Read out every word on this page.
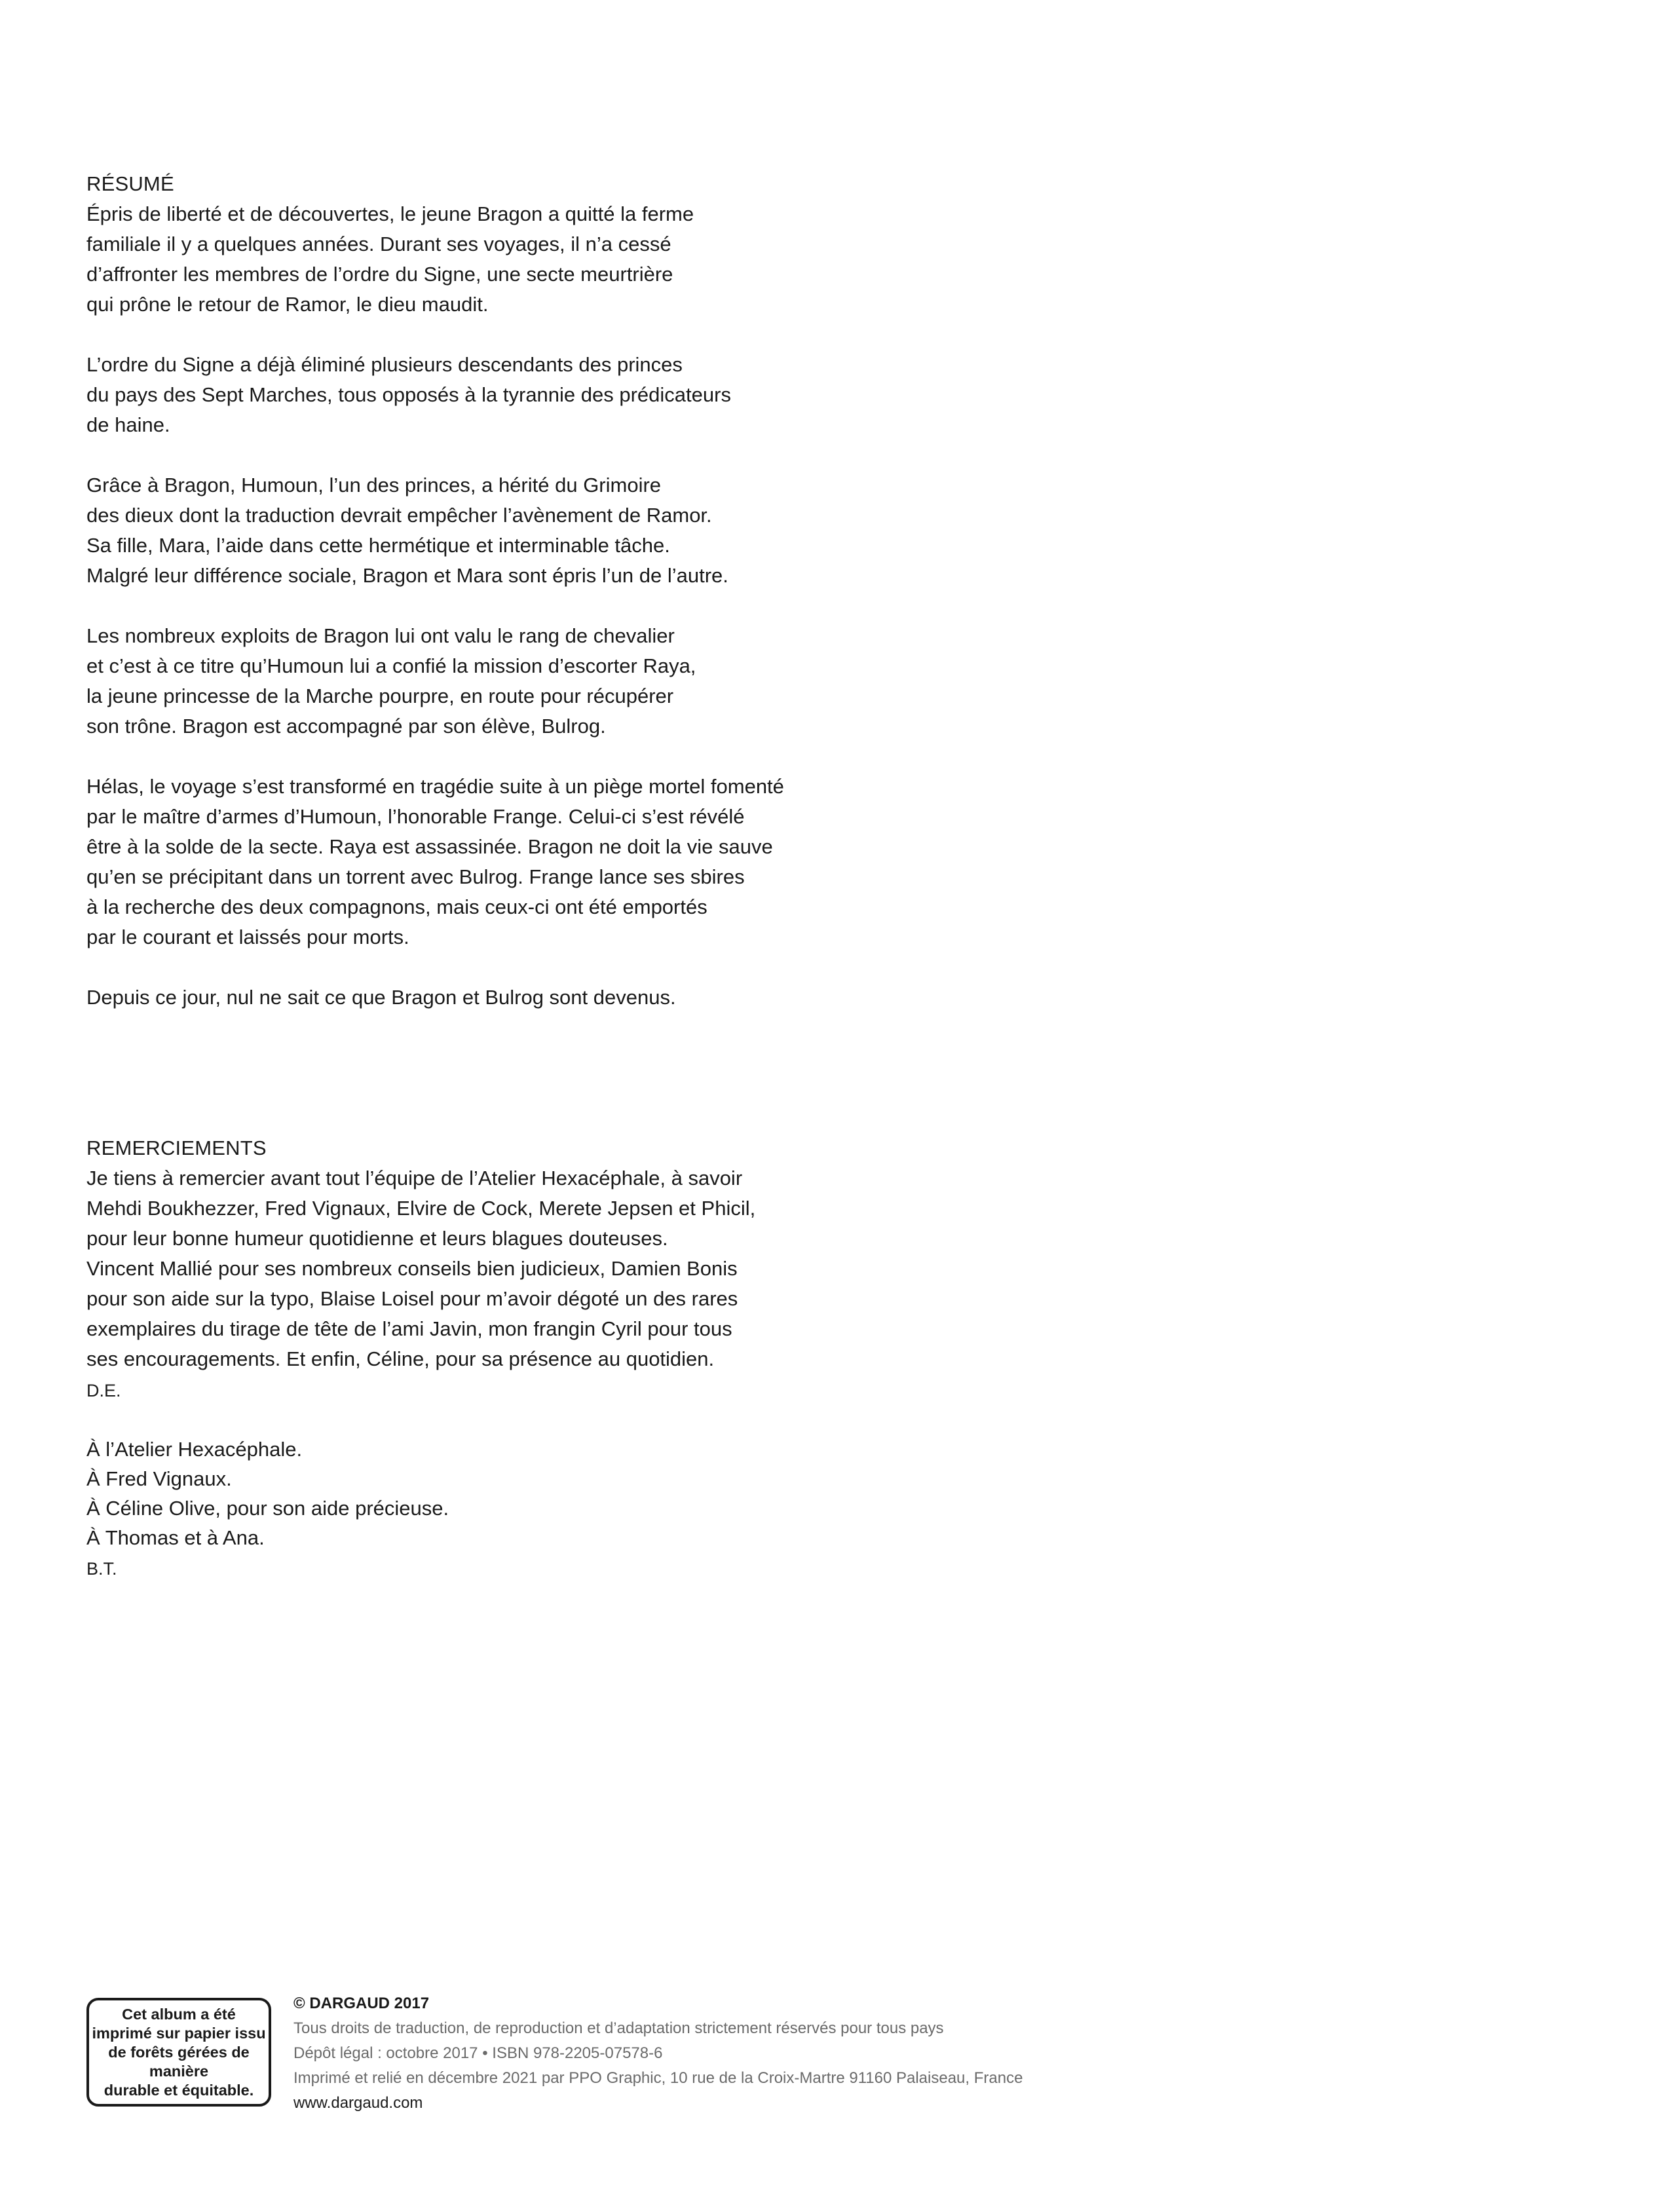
RÉSUMÉ
Épris de liberté et de découvertes, le jeune Bragon a quitté la ferme
familiale il y a quelques années. Durant ses voyages, il n’a cessé
d’affronter les membres de l’ordre du Signe, une secte meurtrière
qui prône le retour de Ramor, le dieu maudit.
L’ordre du Signe a déjà éliminé plusieurs descendants des princes
du pays des Sept Marches, tous opposés à la tyrannie des prédicateurs
de haine.
Grâce à Bragon, Humoun, l’un des princes, a hérité du Grimoire
des dieux dont la traduction devrait empêcher l’avènement de Ramor.
Sa fille, Mara, l’aide dans cette hermétique et interminable tâche.
Malgré leur différence sociale, Bragon et Mara sont épris l’un de l’autre.
Les nombreux exploits de Bragon lui ont valu le rang de chevalier
et c’est à ce titre qu’Humoun lui a confié la mission d’escorter Raya,
la jeune princesse de la Marche pourpre, en route pour récupérer
son trône. Bragon est accompagné par son élève, Bulrog.
Hélas, le voyage s’est transformé en tragédie suite à un piège mortel fomenté
par le maître d’armes d’Humoun, l’honorable Frange. Celui-ci s’est révélé
être à la solde de la secte. Raya est assassinée. Bragon ne doit la vie sauve
qu’en se précipitant dans un torrent avec Bulrog. Frange lance ses sbires
à la recherche des deux compagnons, mais ceux-ci ont été emportés
par le courant et laissés pour morts.
Depuis ce jour, nul ne sait ce que Bragon et Bulrog sont devenus.
REMERCIEMENTS
Je tiens à remercier avant tout l’équipe de l’Atelier Hexacéphale, à savoir
Mehdi Boukhezzer, Fred Vignaux, Elvire de Cock, Merete Jepsen et Phicil,
pour leur bonne humeur quotidienne et leurs blagues douteuses.
Vincent Mallié pour ses nombreux conseils bien judicieux, Damien Bonis
pour son aide sur la typo, Blaise Loisel pour m’avoir dégoté un des rares
exemplaires du tirage de tête de l’ami Javin, mon frangin Cyril pour tous
ses encouragements. Et enfin, Céline, pour sa présence au quotidien.
D.E.
À l’Atelier Hexacéphale.
À Fred Vignaux.
À Céline Olive, pour son aide précieuse.
À Thomas et à Ana.
B.T.
Cet album a été
imprimé sur papier issu
de forêts gérées de
manière
durable et équitable.
© DARGAUD 2017
Tous droits de traduction, de reproduction et d’adaptation strictement réservés pour tous pays
Dépôt légal : octobre 2017 • ISBN 978-2205-07578-6
Imprimé et relié en décembre 2021 par PPO Graphic, 10 rue de la Croix-Martre 91160 Palaiseau, France
www.dargaud.com
